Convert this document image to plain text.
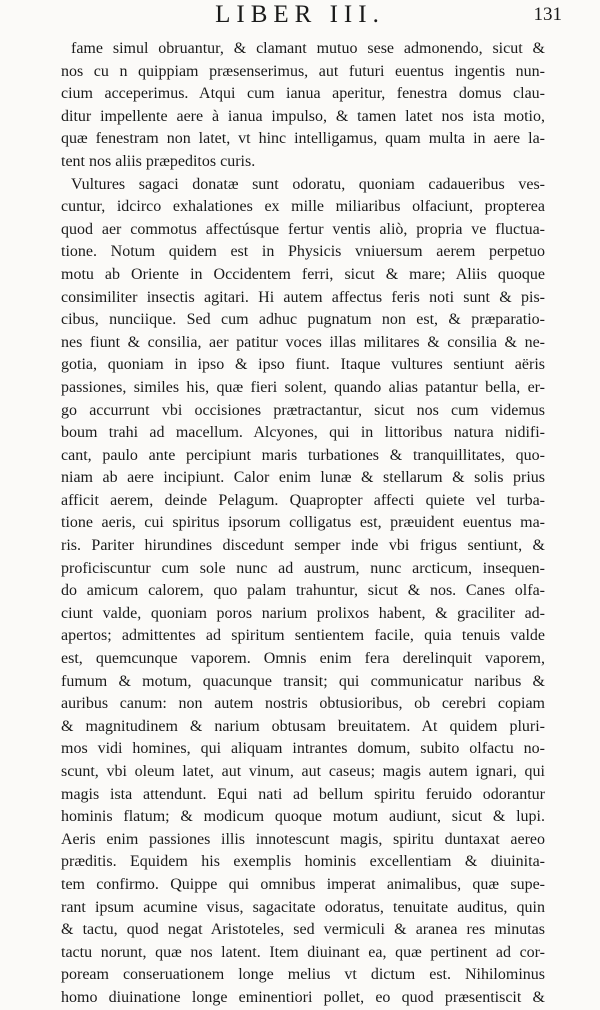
LIBER III.	131
fame simul obruantur, & clamant mutuo sese admonendo, sicut &
nos cu n quippiam præsenserimus, aut futuri euentus ingentis nun-
cium acceperimus. Atqui cum ianua aperitur, fenestra domus clau-
ditur impellente aere à ianua impulso, & tamen latet nos ista motio,
quæ fenestram non latet, vt hinc intelligamus, quam multa in aere la-
tent nos aliis præpeditos curis.
Vultures sagaci donatæ sunt odoratu, quoniam cadaueribus ves-
cuntur, idcirco exhalationes ex mille miliaribus olfaciunt, propterea
quod aer commotus affectúsque fertur ventis aliò, propria ve fluctua-
tione. Notum quidem est in Physicis vniuersum aerem perpetuo
motu ab Oriente in Occidentem ferri, sicut & mare; Aliis quoque
consimiliter insectis agitari. Hi autem affectus feris noti sunt & pis-
cibus, nunciique. Sed cum adhuc pugnatum non est, & præparatio-
nes fiunt & consilia, aer patitur voces illas militares & consilia & ne-
gotia, quoniam in ipso & ipso fiunt. Itaque vultures sentiunt aëris
passiones, similes his, quæ fieri solent, quando alias patantur bella, er-
go accurrunt vbi occisiones prætractantur, sicut nos cum videmus
boum trahi ad macellum. Alcyones, qui in littoribus natura nidifi-
cant, paulo ante percipiunt maris turbationes & tranquillitates, quo-
niam ab aere incipiunt. Calor enim lunæ & stellarum & solis prius
afficit aerem, deinde Pelagum. Quapropter affecti quiete vel turba-
tione aeris, cui spiritus ipsorum colligatus est, præuident euentus ma-
ris. Pariter hirundines discedunt semper inde vbi frigus sentiunt, &
proficiscuntur cum sole nunc ad austrum, nunc arcticum, insequen-
do amicum calorem, quo palam trahuntur, sicut & nos. Canes olfa-
ciunt valde, quoniam poros narium prolixos habent, & graciliter ad-
apertos; admittentes ad spiritum sentientem facile, quia tenuis valde
est, quemcunque vaporem. Omnis enim fera derelinquit vaporem,
fumum & motum, quacunque transit; qui communicatur naribus &
auribus canum: non autem nostris obtusioribus, ob cerebri copiam
& magnitudinem & narium obtusam breuitatem. At quidem pluri-
mos vidi homines, qui aliquam intrantes domum, subito olfactu no-
scunt, vbi oleum latet, aut vinum, aut caseus; magis autem ignari, qui
magis ista attendunt. Equi nati ad bellum spiritu feruido odorantur
hominis flatum; & modicum quoque motum audiunt, sicut & lupi.
Aeris enim passiones illis innotescunt magis, spiritu duntaxat aereo
præditis. Equidem his exemplis hominis excellentiam & diuinita-
tem confirmo. Quippe qui omnibus imperat animalibus, quæ supe-
rant ipsum acumine visus, sagacitate odoratus, tenuitate auditus, quin
& tactu, quod negat Aristoteles, sed vermiculi & aranea res minutas
tactu norunt, quæ nos latent. Item diuinant ea, quæ pertinent ad cor-
poream conseruationem longe melius vt dictum est. Nihilominus
homo diuinatione longe eminentiori pollet, eo quod præsentiscit &
